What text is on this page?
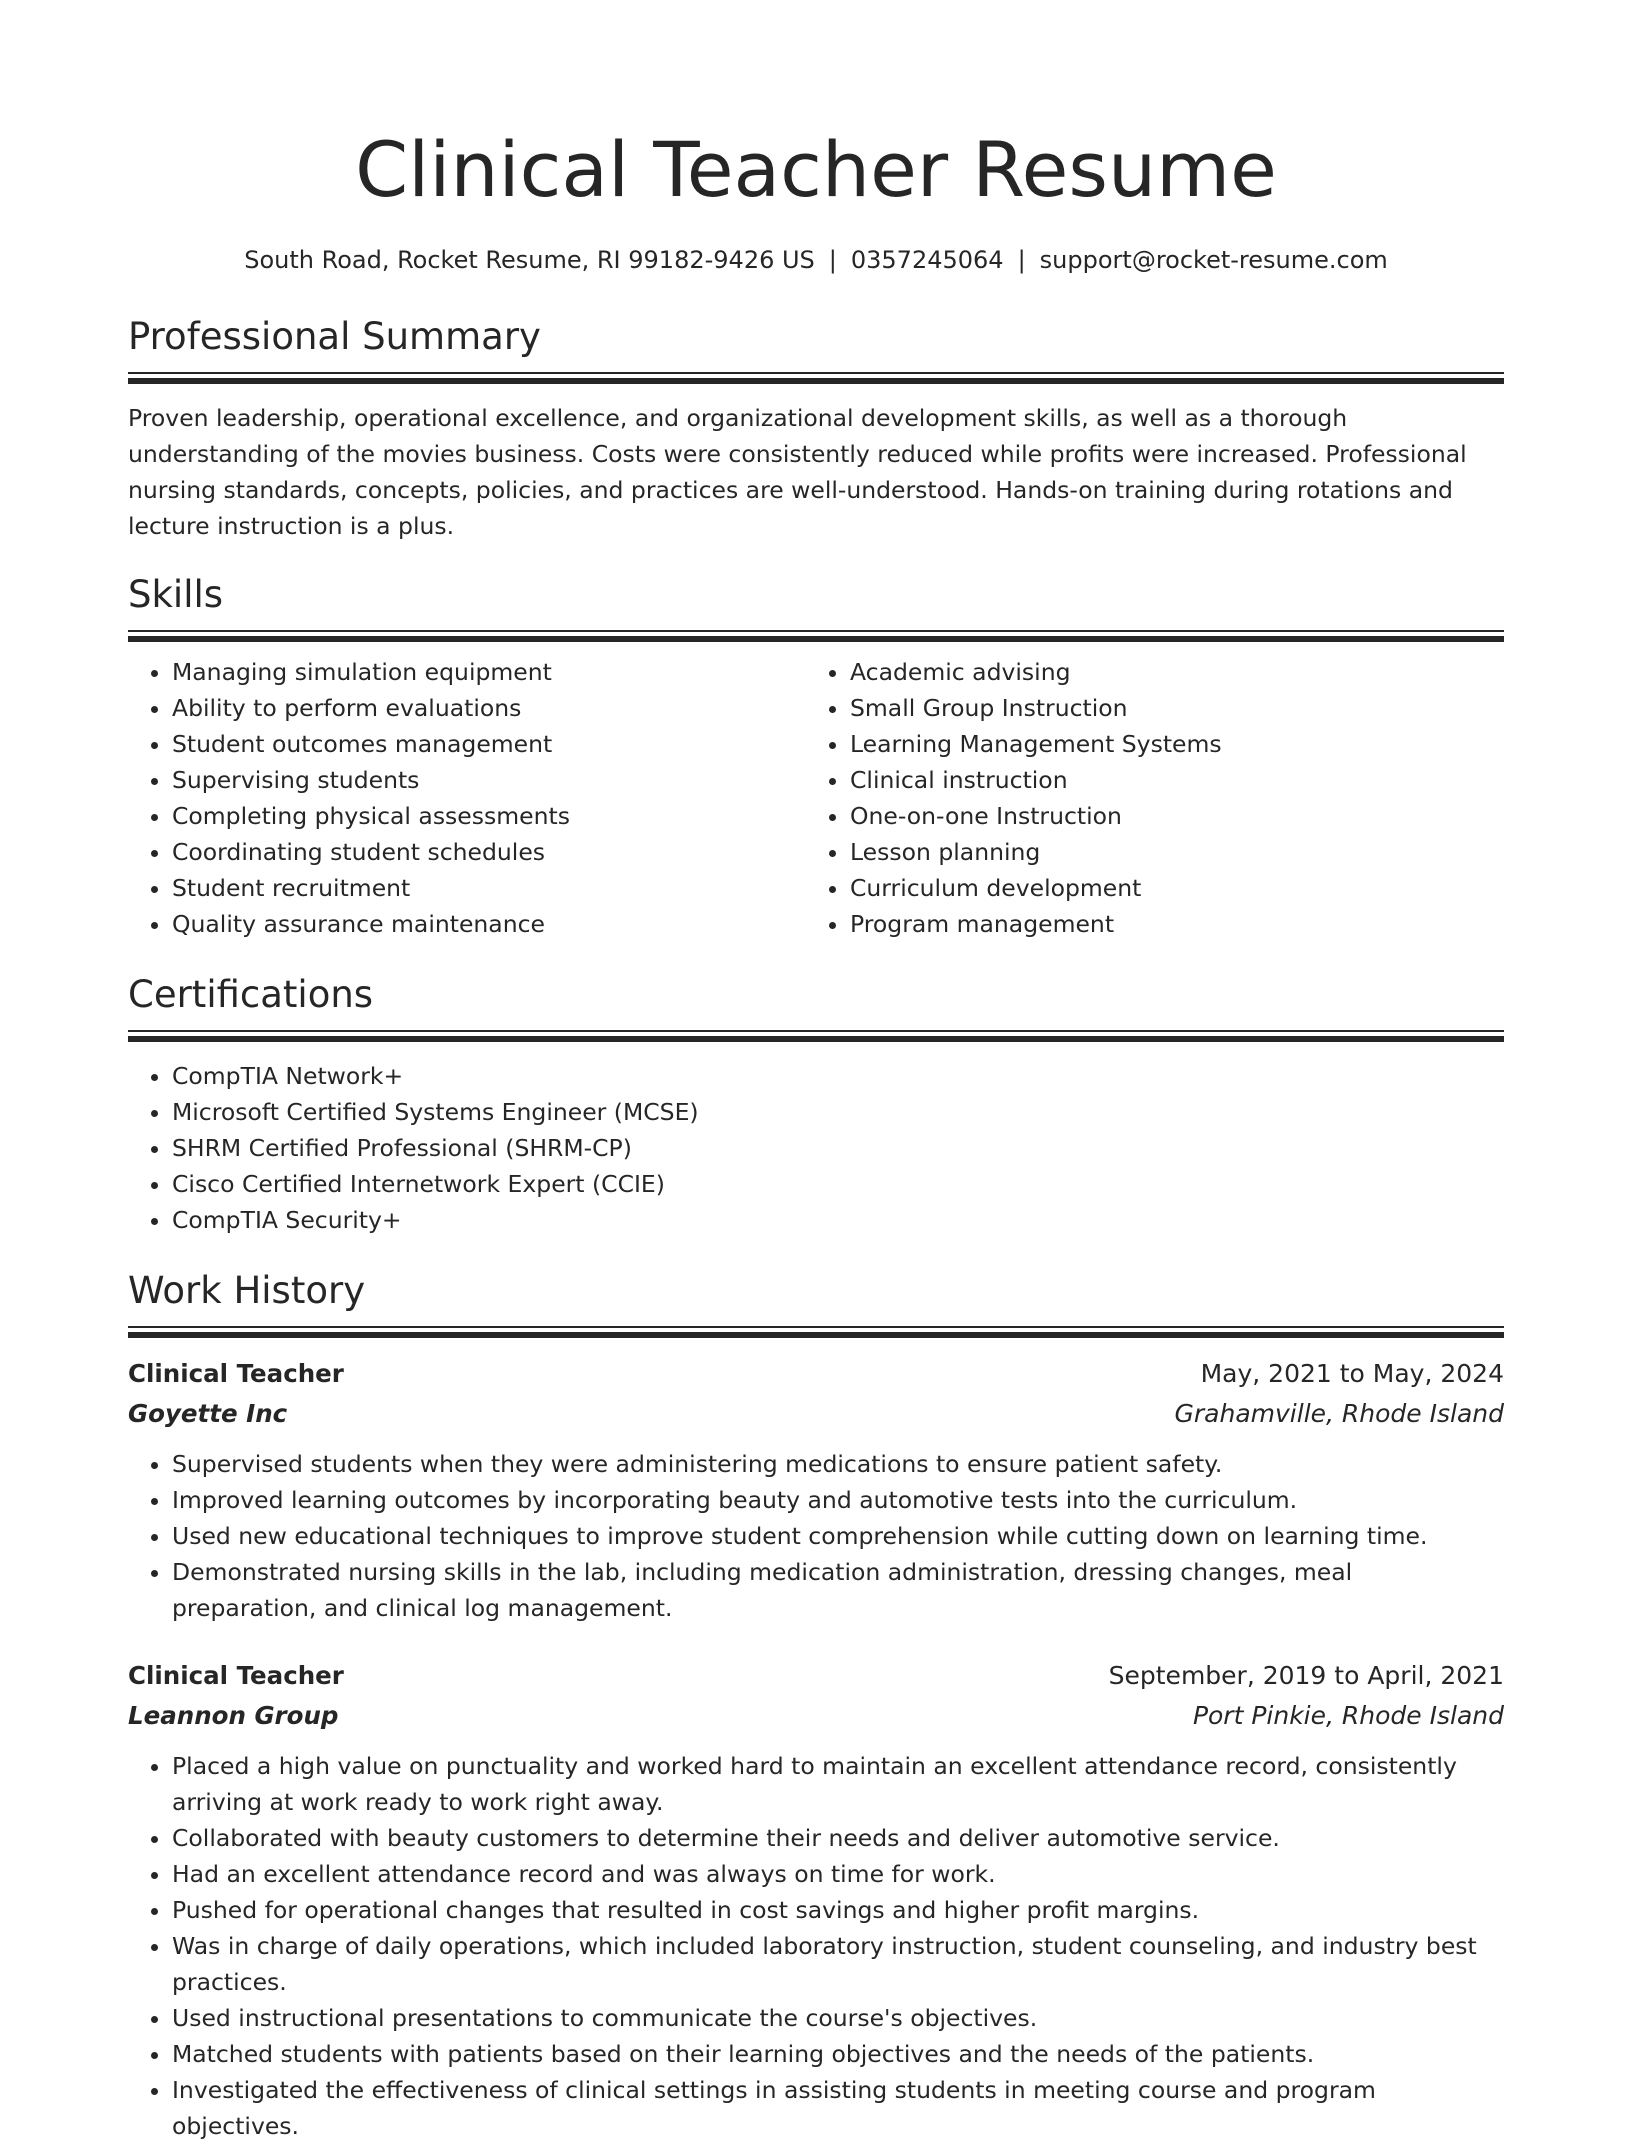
Clinical Teacher Resume
South Road, Rocket Resume, RI 99182-9426 US | 0357245064 | support@rocket-resume.com
Professional Summary

Proven leadership, operational excellence, and organizational development skills, as well as a thorough understanding of the movies business. Costs were consistently reduced while profits were increased. Professional nursing standards, concepts, policies, and practices are well-understood. Hands-on training during rotations and lecture instruction is a plus.

Skills
• Managing simulation equipment
• Ability to perform evaluations
• Student outcomes management
• Supervising students
• Completing physical assessments
• Coordinating student schedules
• Student recruitment
• Quality assurance maintenance
• Academic advising
• Small Group Instruction
• Learning Management Systems
• Clinical instruction
• One-on-one Instruction
• Lesson planning
• Curriculum development
• Program management
Certifications
• CompTIA Network+
• Microsoft Certified Systems Engineer (MCSE)
• SHRM Certified Professional (SHRM-CP)
• Cisco Certified Internetwork Expert (CCIE)
• CompTIA Security+
Work History
Clinical Teacher	May, 2021 to May, 2024
Goyette Inc	Grahamville, Rhode Island
• Supervised students when they were administering medications to ensure patient safety.
• Improved learning outcomes by incorporating beauty and automotive tests into the curriculum.
• Used new educational techniques to improve student comprehension while cutting down on learning time.
• Demonstrated nursing skills in the lab, including medication administration, dressing changes, meal preparation, and clinical log management.
Clinical Teacher	September, 2019 to April, 2021
Leannon Group	Port Pinkie, Rhode Island
• Placed a high value on punctuality and worked hard to maintain an excellent attendance record, consistently arriving at work ready to work right away.
• Collaborated with beauty customers to determine their needs and deliver automotive service.
• Had an excellent attendance record and was always on time for work.
• Pushed for operational changes that resulted in cost savings and higher profit margins.
• Was in charge of daily operations, which included laboratory instruction, student counseling, and industry best practices.
• Used instructional presentations to communicate the course's objectives.
• Matched students with patients based on their learning objectives and the needs of the patients.
• Investigated the effectiveness of clinical settings in assisting students in meeting course and program objectives.
